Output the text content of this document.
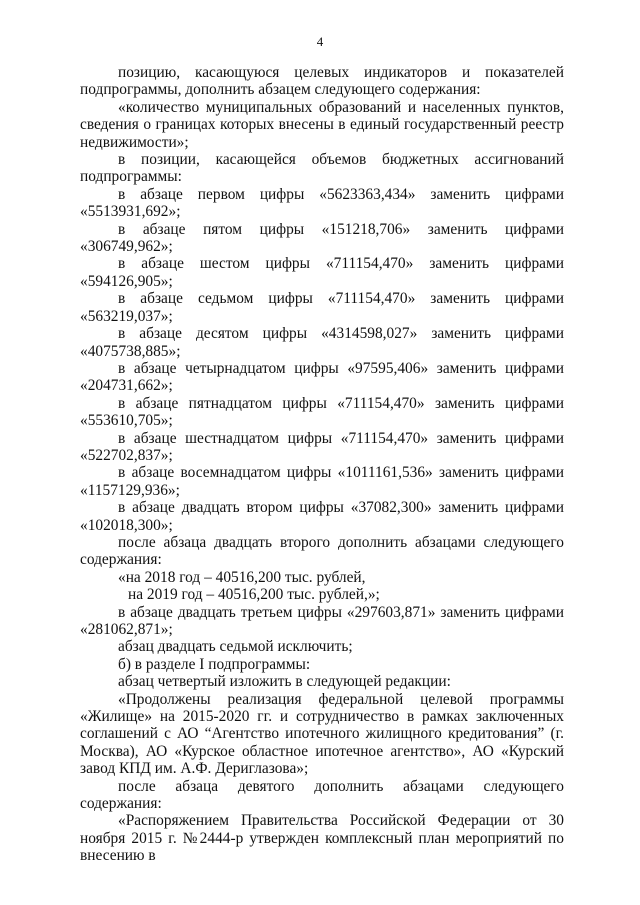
4

позицию, касающуюся целевых индикаторов и показателей подпрограммы, дополнить абзацем следующего содержания:

«количество муниципальных образований и населенных пунктов, сведения о границах которых внесены в единый государственный реестр недвижимости»;

в позиции, касающейся объемов бюджетных ассигнований подпрограммы:

в абзаце первом цифры «5623363,434» заменить цифрами «5513931,692»;

в абзаце пятом цифры «151218,706» заменить цифрами «306749,962»;

в абзаце шестом цифры «711154,470» заменить цифрами «594126,905»;

в абзаце седьмом цифры «711154,470» заменить цифрами «563219,037»;

в абзаце десятом цифры «4314598,027» заменить цифрами «4075738,885»;

в абзаце четырнадцатом цифры «97595,406» заменить цифрами «204731,662»;

в абзаце пятнадцатом цифры «711154,470» заменить цифрами «553610,705»;

в абзаце шестнадцатом цифры «711154,470» заменить цифрами «522702,837»;

в абзаце восемнадцатом цифры «1011161,536» заменить цифрами «1157129,936»;

в абзаце двадцать втором цифры «37082,300» заменить цифрами «102018,300»;

после абзаца двадцать второго дополнить абзацами следующего содержания:

«на 2018 год – 40516,200 тыс. рублей,

на 2019 год – 40516,200 тыс. рублей,»;

в абзаце двадцать третьем цифры «297603,871» заменить цифрами «281062,871»;

абзац двадцать седьмой исключить;

б) в разделе I подпрограммы:

абзац четвертый изложить в следующей редакции:

«Продолжены реализация федеральной целевой программы «Жилище» на 2015-2020 гг. и сотрудничество в рамках заключенных соглашений с АО “Агентство ипотечного жилищного кредитования” (г. Москва), АО «Курское областное ипотечное агентство», АО «Курский завод КПД им. А.Ф. Дериглазова»;

после абзаца девятого дополнить абзацами следующего содержания:

«Распоряжением Правительства Российской Федерации от 30 ноября 2015 г. №2444-р утвержден комплексный план мероприятий по внесению в
